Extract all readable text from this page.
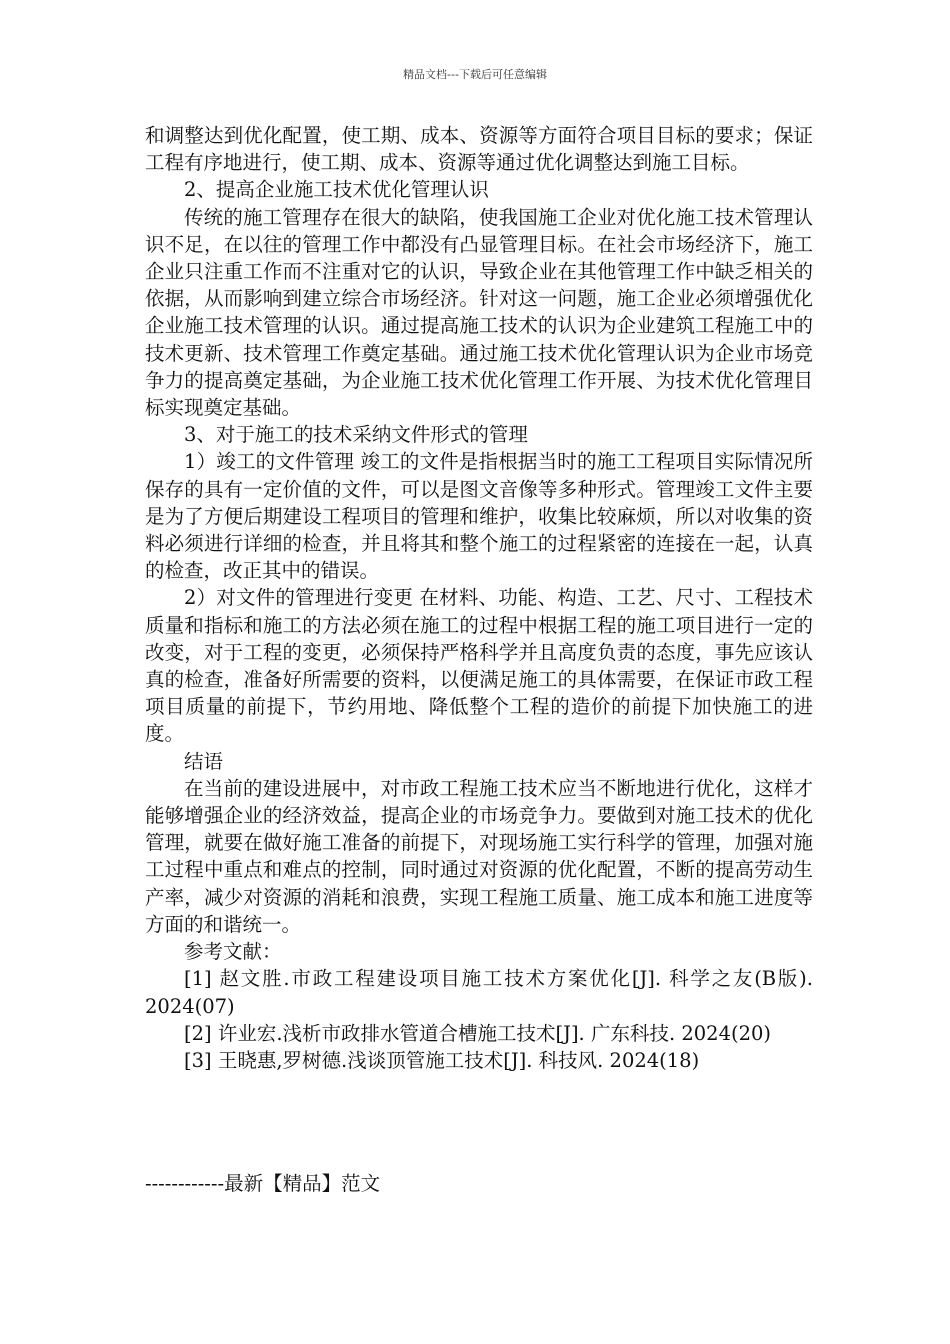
精品文档---下载后可任意编辑

和调整达到优化配置，使工期、成本、资源等方面符合项目目标的要求；保证工程有序地进行，使工期、成本、资源等通过优化调整达到施工目标。

2、提高企业施工技术优化管理认识

传统的施工管理存在很大的缺陷，使我国施工企业对优化施工技术管理认识不足，在以往的管理工作中都没有凸显管理目标。在社会市场经济下，施工企业只注重工作而不注重对它的认识，导致企业在其他管理工作中缺乏相关的依据，从而影响到建立综合市场经济。针对这一问题，施工企业必须增强优化企业施工技术管理的认识。通过提高施工技术的认识为企业建筑工程施工中的技术更新、技术管理工作奠定基础。通过施工技术优化管理认识为企业市场竞争力的提高奠定基础，为企业施工技术优化管理工作开展、为技术优化管理目标实现奠定基础。

3、对于施工的技术采纳文件形式的管理

1）竣工的文件管理 竣工的文件是指根据当时的施工工程项目实际情况所保存的具有一定价值的文件，可以是图文音像等多种形式。管理竣工文件主要是为了方便后期建设工程项目的管理和维护，收集比较麻烦，所以对收集的资料必须进行详细的检查，并且将其和整个施工的过程紧密的连接在一起，认真的检查，改正其中的错误。

2）对文件的管理进行变更 在材料、功能、构造、工艺、尺寸、工程技术质量和指标和施工的方法必须在施工的过程中根据工程的施工项目进行一定的改变，对于工程的变更，必须保持严格科学并且高度负责的态度，事先应该认真的检查，准备好所需要的资料，以便满足施工的具体需要，在保证市政工程项目质量的前提下，节约用地、降低整个工程的造价的前提下加快施工的进度。

结语

在当前的建设进展中，对市政工程施工技术应当不断地进行优化，这样才能够增强企业的经济效益，提高企业的市场竞争力。要做到对施工技术的优化管理，就要在做好施工准备的前提下，对现场施工实行科学的管理，加强对施工过程中重点和难点的控制，同时通过对资源的优化配置，不断的提高劳动生产率，减少对资源的消耗和浪费，实现工程施工质量、施工成本和施工进度等方面的和谐统一。

参考文献：

[1] 赵文胜.市政工程建设项目施工技术方案优化[J]. 科学之友(B版). 2024(07)

[2] 许业宏.浅析市政排水管道合槽施工技术[J]. 广东科技. 2024(20)

[3] 王晓惠,罗树德.浅谈顶管施工技术[J]. 科技风. 2024(18)

------------最新【精品】范文
